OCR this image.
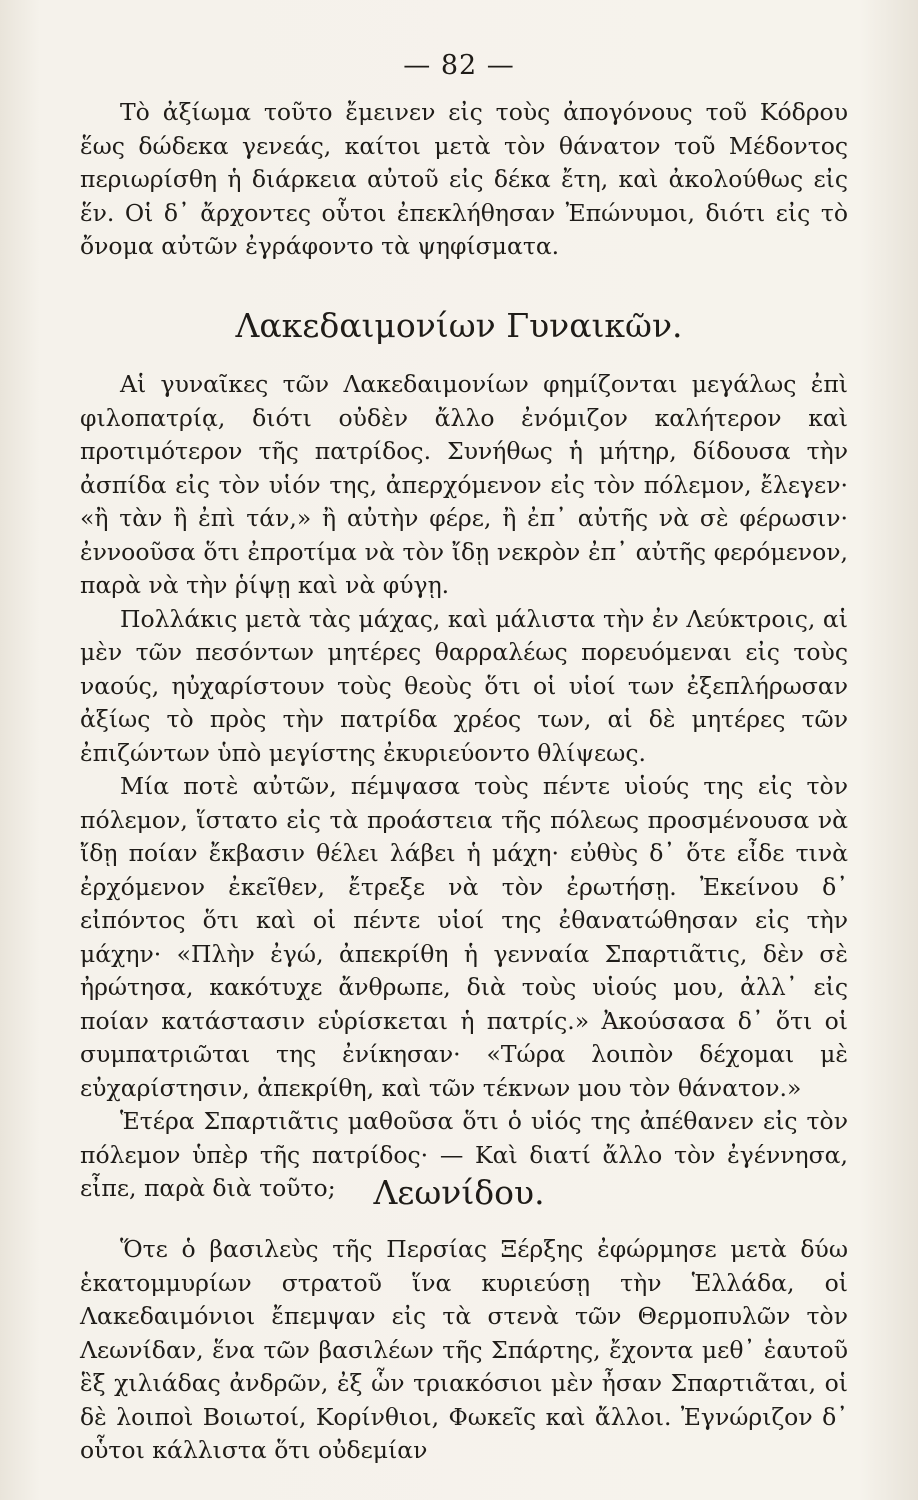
— 82 —

Τὸ ἀξίωμα τοῦτο ἔμεινεν εἰς τοὺς ἀπογόνους τοῦ Κόδρου ἕως δώδεκα γενεάς, καίτοι μετὰ τὸν θάνατον τοῦ Μέδοντος περιωρίσθη ἡ διάρκεια αὐτοῦ εἰς δέκα ἔτη, καὶ ἀκολούθως εἰς ἕν. Οἱ δ᾽ ἄρχοντες οὗτοι ἐπεκλήθησαν Ἐπώνυμοι, διότι εἰς τὸ ὄνομα αὐτῶν ἐγράφοντο τὰ ψηφίσματα.

Λακεδαιμονίων Γυναικῶν.

Αἱ γυναῖκες τῶν Λακεδαιμονίων φημίζονται μεγάλως ἐπὶ φιλοπατρίᾳ, διότι οὐδὲν ἄλλο ἐνόμιζον καλήτερον καὶ προτιμότερον τῆς πατρίδος. Συνήθως ἡ μήτηρ, δίδουσα τὴν ἀσπίδα εἰς τὸν υἱόν της, ἀπερχόμενον εἰς τὸν πόλεμον, ἔλεγεν· «ἢ τὰν ἢ ἐπὶ τάν,» ἢ αὐτὴν φέρε, ἢ ἐπ᾽ αὐτῆς νὰ σὲ φέρωσιν· ἐννοοῦσα ὅτι ἐπροτίμα νὰ τὸν ἴδῃ νεκρὸν ἐπ᾽ αὐτῆς φερόμενον, παρὰ νὰ τὴν ῥίψῃ καὶ νὰ φύγῃ.

Πολλάκις μετὰ τὰς μάχας, καὶ μάλιστα τὴν ἐν Λεύκτροις, αἱ μὲν τῶν πεσόντων μητέρες θαρραλέως πορευόμεναι εἰς τοὺς ναούς, ηὐχαρίστουν τοὺς θεοὺς ὅτι οἱ υἱοί των ἐξεπλήρωσαν ἀξίως τὸ πρὸς τὴν πατρίδα χρέος των, αἱ δὲ μητέρες τῶν ἐπιζώντων ὑπὸ μεγίστης ἐκυριεύοντο θλίψεως.

Μία ποτὲ αὐτῶν, πέμψασα τοὺς πέντε υἱούς της εἰς τὸν πόλεμον, ἵστατο εἰς τὰ προάστεια τῆς πόλεως προσμένουσα νὰ ἴδῃ ποίαν ἔκβασιν θέλει λάβει ἡ μάχη· εὐθὺς δ᾽ ὅτε εἶδε τινὰ ἐρχόμενον ἐκεῖθεν, ἔτρεξε νὰ τὸν ἐρωτήσῃ. Ἐκείνου δ᾽ εἰπόντος ὅτι καὶ οἱ πέντε υἱοί της ἐθανατώθησαν εἰς τὴν μάχην· «Πλὴν ἐγώ, ἀπεκρίθη ἡ γενναία Σπαρτιᾶτις, δὲν σὲ ἠρώτησα, κακότυχε ἄνθρωπε, διὰ τοὺς υἱούς μου, ἀλλ᾽ εἰς ποίαν κατάστασιν εὑρίσκεται ἡ πατρίς.» Ἀκούσασα δ᾽ ὅτι οἱ συμπατριῶται της ἐνίκησαν· «Τώρα λοιπὸν δέχομαι μὲ εὐχαρίστησιν, ἀπεκρίθη, καὶ τῶν τέκνων μου τὸν θάνατον.»

Ἑτέρα Σπαρτιᾶτις μαθοῦσα ὅτι ὁ υἱός της ἀπέθανεν εἰς τὸν πόλεμον ὑπὲρ τῆς πατρίδος· — Καὶ διατί ἄλλο τὸν ἐγέννησα, εἶπε, παρὰ διὰ τοῦτο;	Λεωνίδου.

Ὅτε ὁ βασιλεὺς τῆς Περσίας Ξέρξης ἐφώρμησε μετὰ δύω ἑκατομμυρίων στρατοῦ ἵνα κυριεύσῃ τὴν Ἑλλάδα, οἱ Λακεδαιμόνιοι ἔπεμψαν εἰς τὰ στενὰ τῶν Θερμοπυλῶν τὸν Λεωνίδαν, ἕνα τῶν βασιλέων τῆς Σπάρτης, ἔχοντα μεθ᾽ ἑαυτοῦ ἓξ χιλιάδας ἀνδρῶν, ἐξ ὧν τριακόσιοι μὲν ἦσαν Σπαρτιᾶται, οἱ δὲ λοιποὶ Βοιωτοί, Κορίνθιοι, Φωκεῖς καὶ ἄλλοι. Ἐγνώριζον δ᾽ οὗτοι κάλλιστα ὅτι οὐδεμίαν
